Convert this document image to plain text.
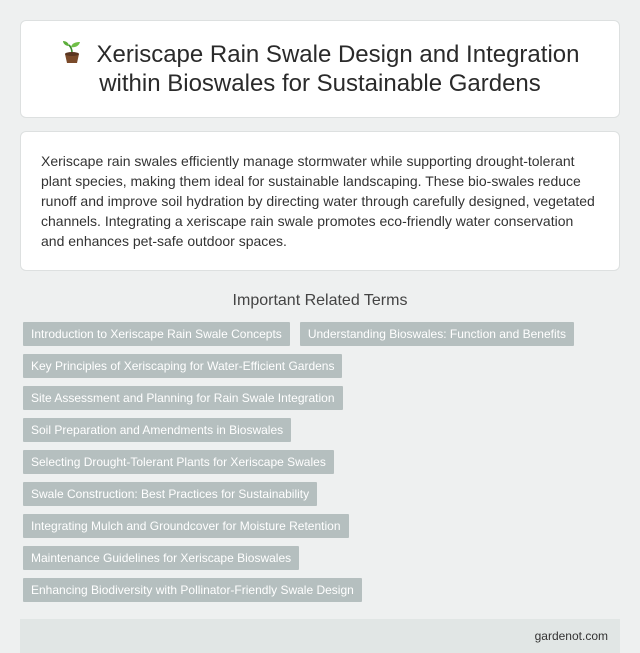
Xeriscape Rain Swale Design and Integration within Bioswales for Sustainable Gardens
Xeriscape rain swales efficiently manage stormwater while supporting drought-tolerant plant species, making them ideal for sustainable landscaping. These bio-swales reduce runoff and improve soil hydration by directing water through carefully designed, vegetated channels. Integrating a xeriscape rain swale promotes eco-friendly water conservation and enhances pet-safe outdoor spaces.
Important Related Terms
Introduction to Xeriscape Rain Swale Concepts	Understanding Bioswales: Function and Benefits
Key Principles of Xeriscaping for Water-Efficient Gardens
Site Assessment and Planning for Rain Swale Integration
Soil Preparation and Amendments in Bioswales
Selecting Drought-Tolerant Plants for Xeriscape Swales
Swale Construction: Best Practices for Sustainability
Integrating Mulch and Groundcover for Moisture Retention
Maintenance Guidelines for Xeriscape Bioswales
Enhancing Biodiversity with Pollinator-Friendly Swale Design
gardenot.com
